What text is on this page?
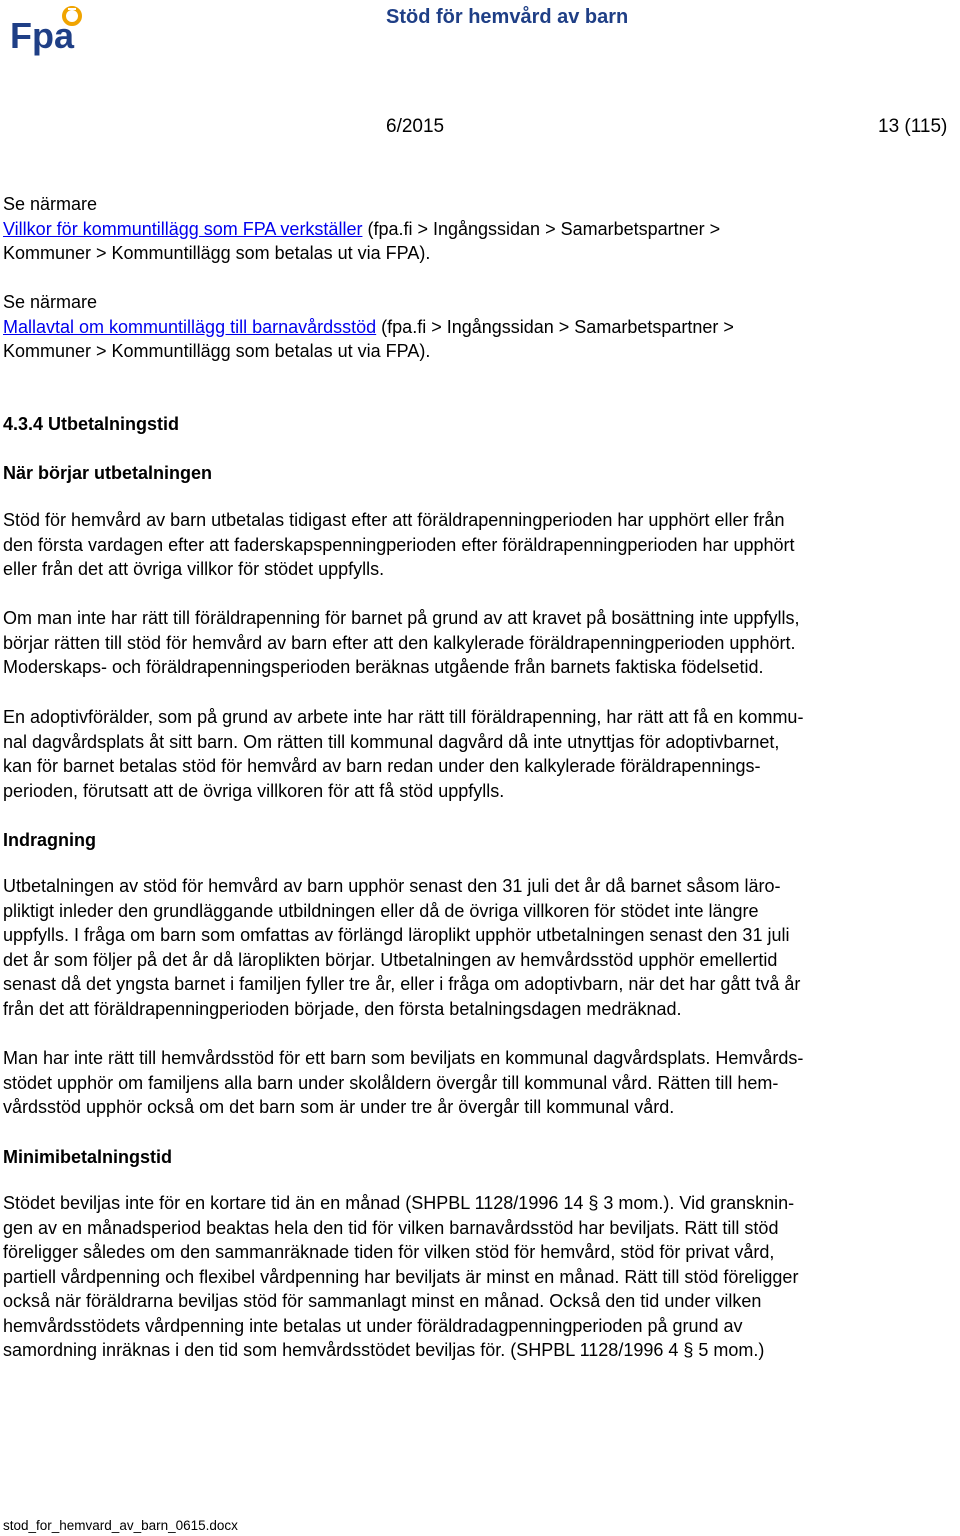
Fpa	Stöd för hemvård av barn
6/2015	13 (115)
Se närmare
Villkor för kommuntillägg som FPA verkställer (fpa.fi > Ingångssidan > Samarbetspartner >
Kommuner > Kommuntillägg som betalas ut via FPA).
Se närmare
Mallavtal om kommuntillägg till barnavårdsstöd (fpa.fi > Ingångssidan > Samarbetspartner >
Kommuner > Kommuntillägg som betalas ut via FPA).
4.3.4 Utbetalningstid
När börjar utbetalningen
Stöd för hemvård av barn utbetalas tidigast efter att föräldrapenningperioden har upphört eller från
den första vardagen efter att faderskapspenningperioden efter föräldrapenningperioden har upphört
eller från det att övriga villkor för stödet uppfylls.
Om man inte har rätt till föräldrapenning för barnet på grund av att kravet på bosättning inte uppfylls,
börjar rätten till stöd för hemvård av barn efter att den kalkylerade föräldrapenningperioden upphört.
Moderskaps- och föräldrapenningsperioden beräknas utgående från barnets faktiska födelsetid.
En adoptivförälder, som på grund av arbete inte har rätt till föräldrapenning, har rätt att få en kommu-
nal dagvårdsplats åt sitt barn. Om rätten till kommunal dagvård då inte utnyttjas för adoptivbarnet,
kan för barnet betalas stöd för hemvård av barn redan under den kalkylerade föräldrapennings-
perioden, förutsatt att de övriga villkoren för att få stöd uppfylls.
Indragning
Utbetalningen av stöd för hemvård av barn upphör senast den 31 juli det år då barnet såsom läro-
pliktigt inleder den grundläggande utbildningen eller då de övriga villkoren för stödet inte längre
uppfylls. I fråga om barn som omfattas av förlängd läroplikt upphör utbetalningen senast den 31 juli
det år som följer på det år då läroplikten börjar. Utbetalningen av hemvårdsstöd upphör emellertid
senast då det yngsta barnet i familjen fyller tre år, eller i fråga om adoptivbarn, när det har gått två år
från det att föräldrapenningperioden började, den första betalningsdagen medräknad.
Man har inte rätt till hemvårdsstöd för ett barn som beviljats en kommunal dagvårdsplats. Hemvårds-
stödet upphör om familjens alla barn under skolåldern övergår till kommunal vård. Rätten till hem-
vårdsstöd upphör också om det barn som är under tre år övergår till kommunal vård.
Minimibetalningstid
Stödet beviljas inte för en kortare tid än en månad (SHPBL 1128/1996 14 § 3 mom.). Vid gransknin-
gen av en månadsperiod beaktas hela den tid för vilken barnavårdsstöd har beviljats. Rätt till stöd
föreligger således om den sammanräknade tiden för vilken stöd för hemvård, stöd för privat vård,
partiell vårdpenning och flexibel vårdpenning har beviljats är minst en månad. Rätt till stöd föreligger
också när föräldrarna beviljas stöd för sammanlagt minst en månad. Också den tid under vilken
hemvårdsstödets vårdpenning inte betalas ut under föräldradagpenningperioden på grund av
samordning inräknas i den tid som hemvårdsstödet beviljas för. (SHPBL 1128/1996 4 § 5 mom.)
stod_for_hemvard_av_barn_0615.docx
